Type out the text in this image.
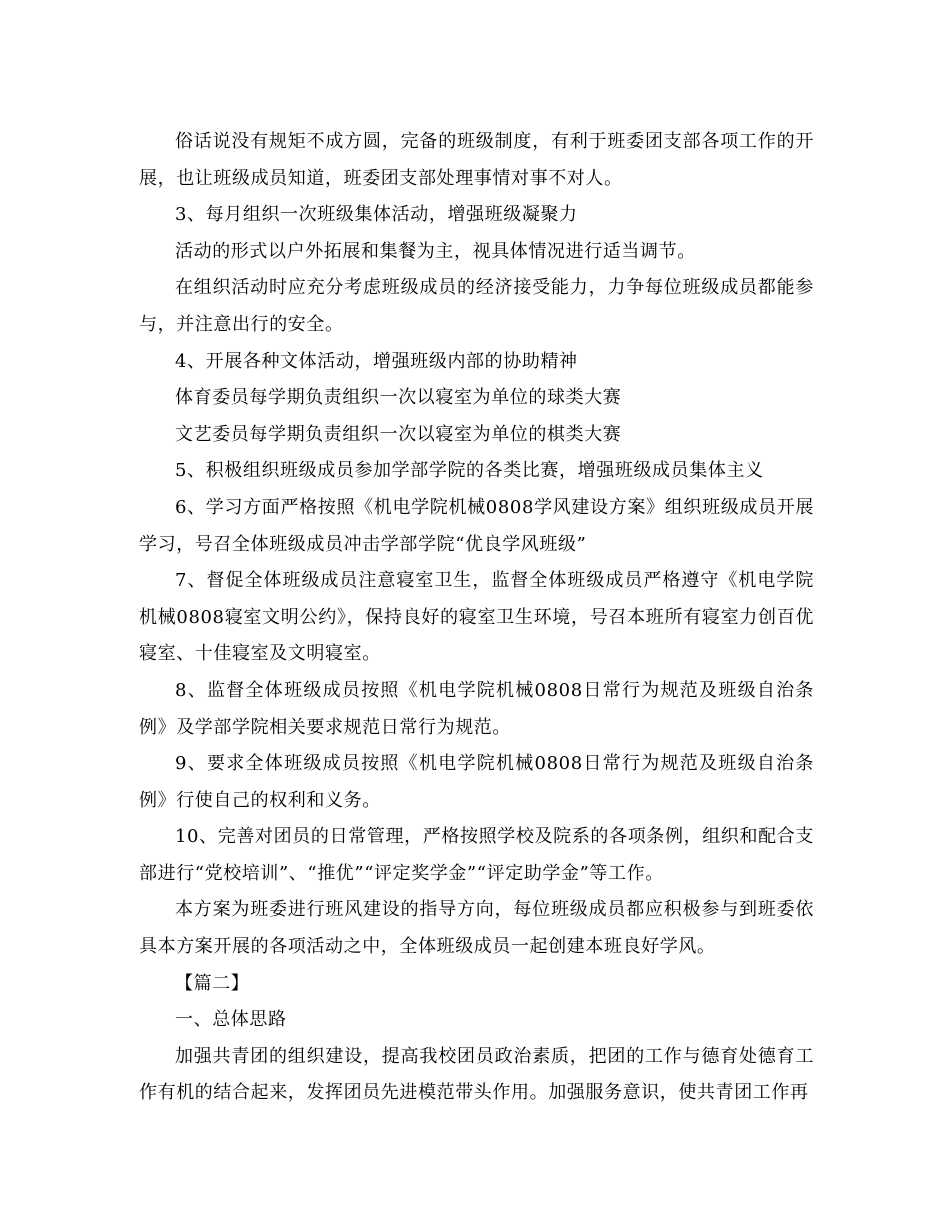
俗话说没有规矩不成方圆，完备的班级制度，有利于班委团支部各项工作的开展，也让班级成员知道，班委团支部处理事情对事不对人。

3、每月组织一次班级集体活动，增强班级凝聚力

活动的形式以户外拓展和集餐为主，视具体情况进行适当调节。

在组织活动时应充分考虑班级成员的经济接受能力，力争每位班级成员都能参与，并注意出行的安全。

4、开展各种文体活动，增强班级内部的协助精神

体育委员每学期负责组织一次以寝室为单位的球类大赛

文艺委员每学期负责组织一次以寝室为单位的棋类大赛

5、积极组织班级成员参加学部学院的各类比赛，增强班级成员集体主义

6、学习方面严格按照《机电学院机械0808学风建设方案》组织班级成员开展学习，号召全体班级成员冲击学部学院“优良学风班级”

7、督促全体班级成员注意寝室卫生，监督全体班级成员严格遵守《机电学院机械0808寝室文明公约》，保持良好的寝室卫生环境，号召本班所有寝室力创百优寝室、十佳寝室及文明寝室。

8、监督全体班级成员按照《机电学院机械0808日常行为规范及班级自治条例》及学部学院相关要求规范日常行为规范。

9、要求全体班级成员按照《机电学院机械0808日常行为规范及班级自治条例》行使自己的权利和义务。

10、完善对团员的日常管理，严格按照学校及院系的各项条例，组织和配合支部进行“党校培训”、“推优”“评定奖学金”“评定助学金”等工作。

本方案为班委进行班风建设的指导方向，每位班级成员都应积极参与到班委依具本方案开展的各项活动之中，全体班级成员一起创建本班良好学风。

【篇二】

一、总体思路

加强共青团的组织建设，提高我校团员政治素质，把团的工作与德育处德育工作有机的结合起来，发挥团员先进模范带头作用。加强服务意识，使共青团工作再
